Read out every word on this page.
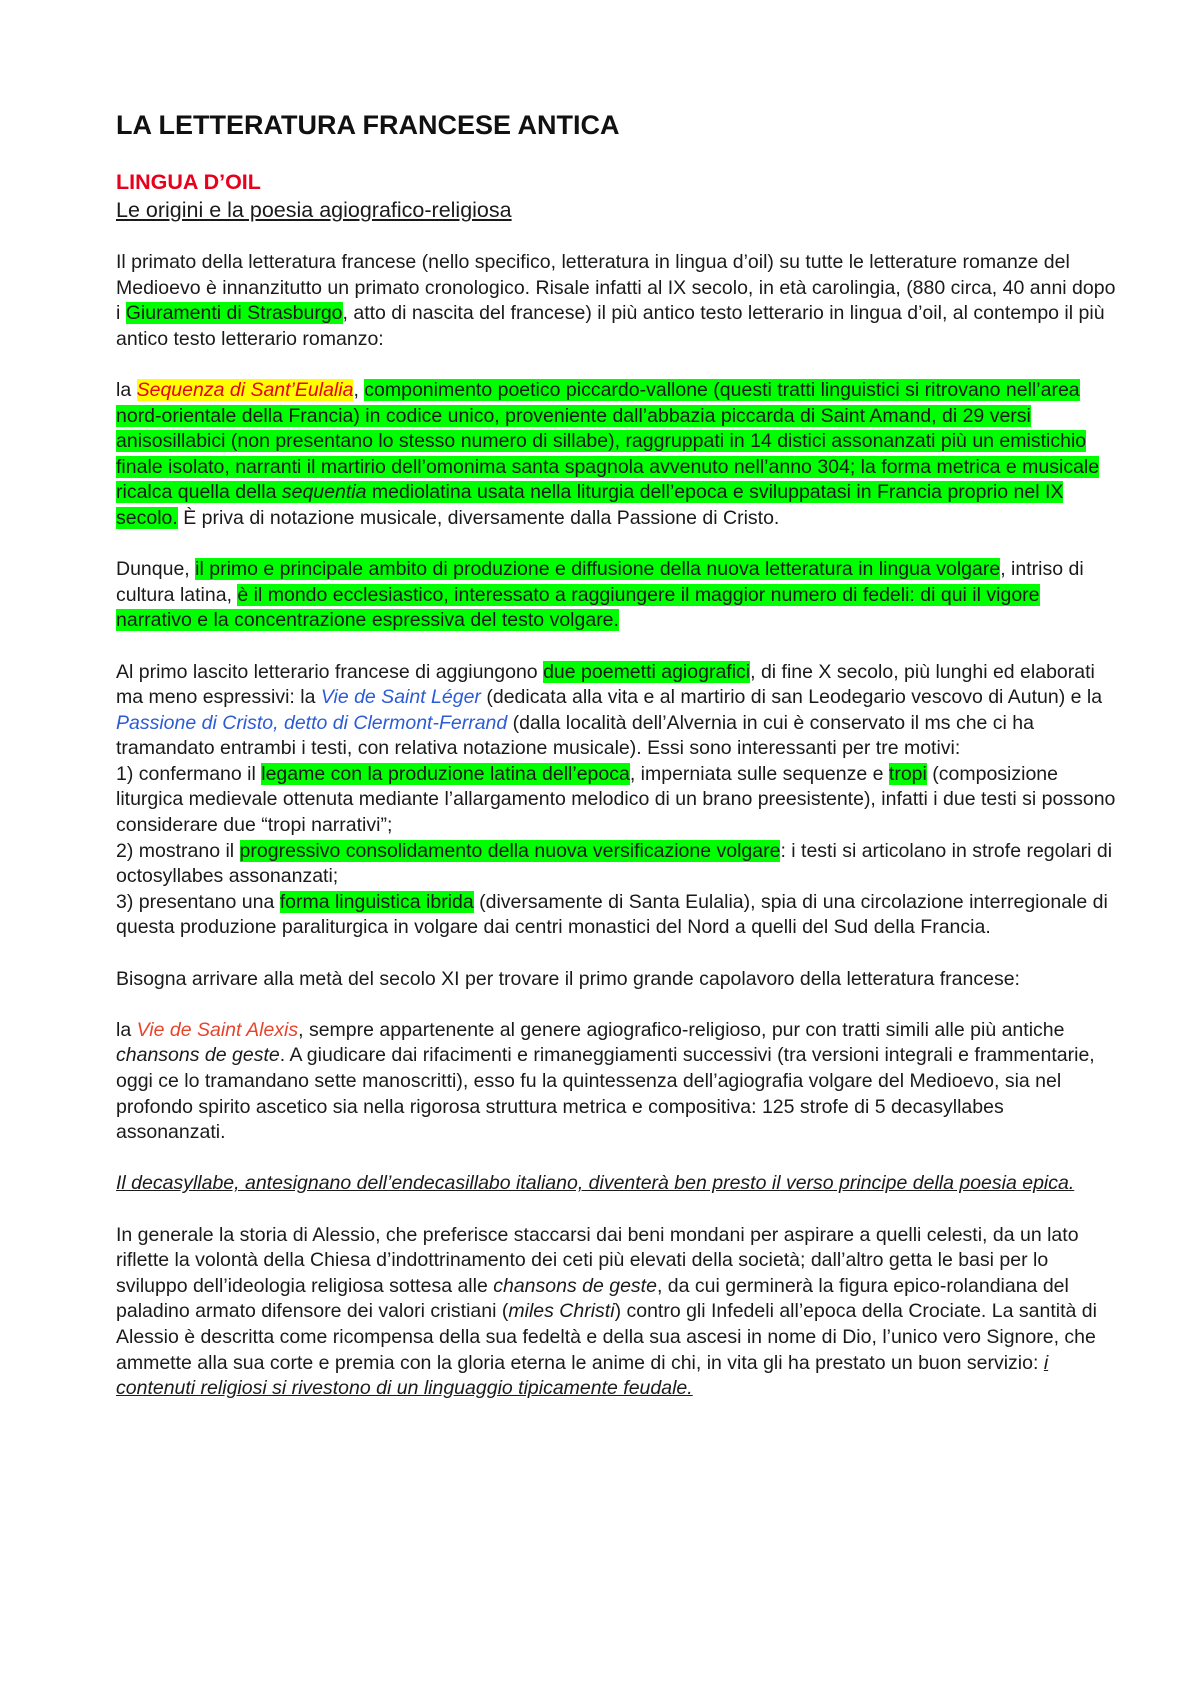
LA LETTERATURA FRANCESE ANTICA
LINGUA D’OIL
Le origini e la poesia agiografico-religiosa

Il primato della letteratura francese (nello specifico, letteratura in lingua d’oil) su tutte le letterature romanze del Medioevo è innanzitutto un primato cronologico. Risale infatti al IX secolo, in età carolingia, (880 circa, 40 anni dopo i Giuramenti di Strasburgo, atto di nascita del francese) il più antico testo letterario in lingua d’oil, al contempo il più antico testo letterario romanzo:

la Sequenza di Sant’Eulalia, componimento poetico piccardo-vallone (questi tratti linguistici si ritrovano nell’area nord-orientale della Francia) in codice unico, proveniente dall’abbazia piccarda di Saint Amand, di 29 versi anisosillabici (non presentano lo stesso numero di sillabe), raggruppati in 14 distici assonanzati più un emistichio finale isolato, narranti il martirio dell’omonima santa spagnola avvenuto nell’anno 304; la forma metrica e musicale ricalca quella della sequentia mediolatina usata nella liturgia dell’epoca e sviluppatasi in Francia proprio nel IX secolo. È priva di notazione musicale, diversamente dalla Passione di Cristo.

Dunque, il primo e principale ambito di produzione e diffusione della nuova letteratura in lingua volgare, intriso di cultura latina, è il mondo ecclesiastico, interessato a raggiungere il maggior numero di fedeli: di qui il vigore narrativo e la concentrazione espressiva del testo volgare.

Al primo lascito letterario francese di aggiungono due poemetti agiografici, di fine X secolo, più lunghi ed elaborati ma meno espressivi: la Vie de Saint Léger (dedicata alla vita e al martirio di san Leodegario vescovo di Autun) e la Passione di Cristo, detto di Clermont-Ferrand (dalla località dell’Alvernia in cui è conservato il ms che ci ha tramandato entrambi i testi, con relativa notazione musicale). Essi sono interessanti per tre motivi:
1) confermano il legame con la produzione latina dell’epoca, imperniata sulle sequenze e tropi (composizione liturgica medievale ottenuta mediante l’allargamento melodico di un brano preesistente), infatti i due testi si possono considerare due “tropi narrativi”;
2) mostrano il progressivo consolidamento della nuova versificazione volgare: i testi si articolano in strofe regolari di octosyllabes assonanzati;
3) presentano una forma linguistica ibrida (diversamente di Santa Eulalia), spia di una circolazione interregionale di questa produzione paraliturgica in volgare dai centri monastici del Nord a quelli del Sud della Francia.

Bisogna arrivare alla metà del secolo XI per trovare il primo grande capolavoro della letteratura francese:

la Vie de Saint Alexis, sempre appartenente al genere agiografico-religioso, pur con tratti simili alle più antiche chansons de geste. A giudicare dai rifacimenti e rimaneggiamenti successivi (tra versioni integrali e frammentarie, oggi ce lo tramandano sette manoscritti), esso fu la quintessenza dell’agiografia volgare del Medioevo, sia nel profondo spirito ascetico sia nella rigorosa struttura metrica e compositiva: 125 strofe di 5 decasyllabes assonanzati.

Il decasyllabe, antesignano dell’endecasillabo italiano, diventerà ben presto il verso principe della poesia epica.

In generale la storia di Alessio, che preferisce staccarsi dai beni mondani per aspirare a quelli celesti, da un lato riflette la volontà della Chiesa d’indottrinamento dei ceti più elevati della società; dall’altro getta le basi per lo sviluppo dell’ideologia religiosa sottesa alle chansons de geste, da cui germinerà la figura epico-rolandiana del paladino armato difensore dei valori cristiani (miles Christi) contro gli Infedeli all’epoca della Crociate. La santità di Alessio è descritta come ricompensa della sua fedeltà e della sua ascesi in nome di Dio, l’unico vero Signore, che ammette alla sua corte e premia con la gloria eterna le anime di chi, in vita gli ha prestato un buon servizio: i contenuti religiosi si rivestono di un linguaggio tipicamente feudale.
